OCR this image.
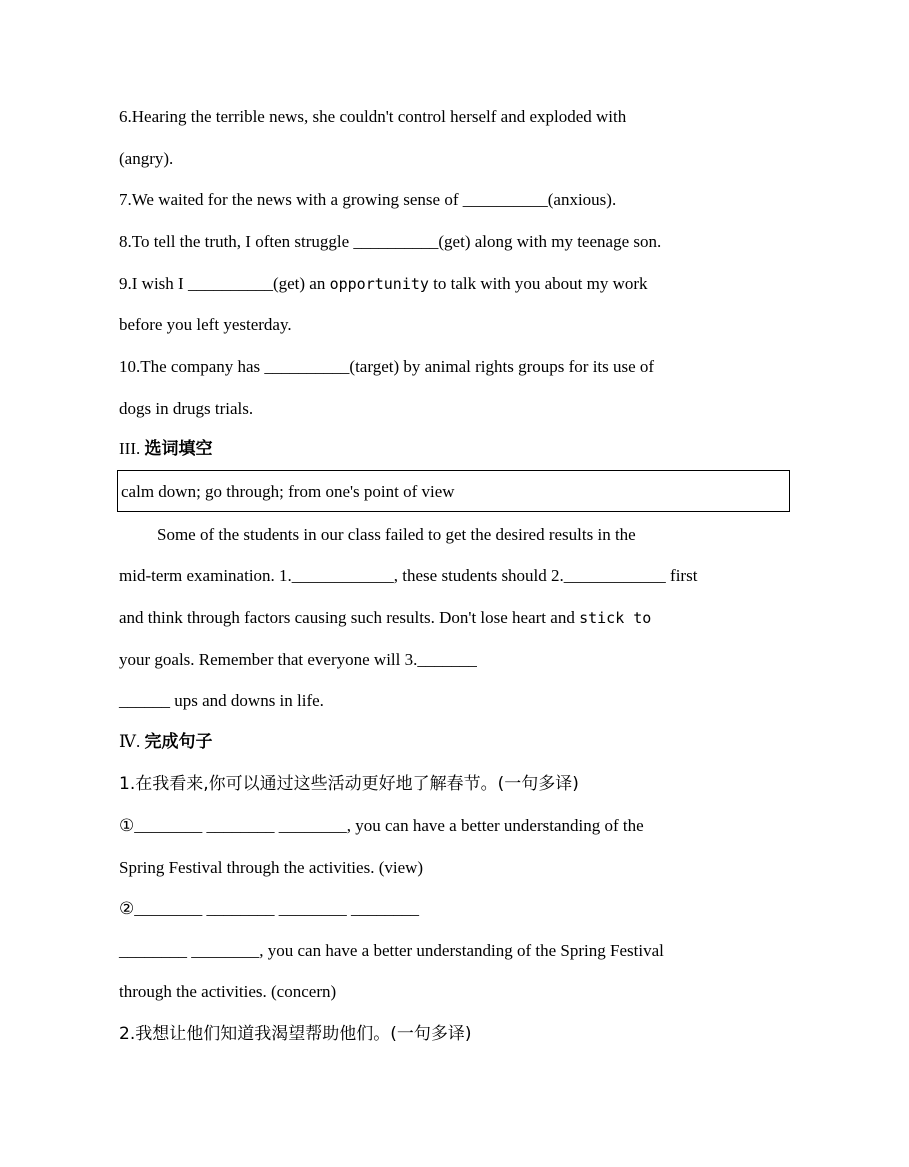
6.Hearing the terrible news, she couldn't control herself and exploded with
(angry).
7.We waited for the news with a growing sense of __________(anxious).
8.To tell the truth, I often struggle __________(get) along with my teenage son.
9.I wish I __________(get) an opportunity to talk with you about my work
before you left yesterday.
10.The company has __________(target) by animal rights groups for its use of
dogs in drugs trials.
III. 选词填空
calm down; go through; from one's point of view
Some of the students in our class failed to get the desired results in the
mid-term examination. 1.____________, these students should 2.____________ first
and think through factors causing such results. Don't lose heart and stick to
your goals. Remember that everyone will 3._______
______ ups and downs in life.
Ⅳ. 完成句子
1.在我看来,你可以通过这些活动更好地了解春节。(一句多译)
①________ ________ ________, you can have a better understanding of the
Spring Festival through the activities. (view)
②________ ________ ________ ________
________ ________, you can have a better understanding of the Spring Festival
through the activities. (concern)
2.我想让他们知道我渴望帮助他们。(一句多译)
